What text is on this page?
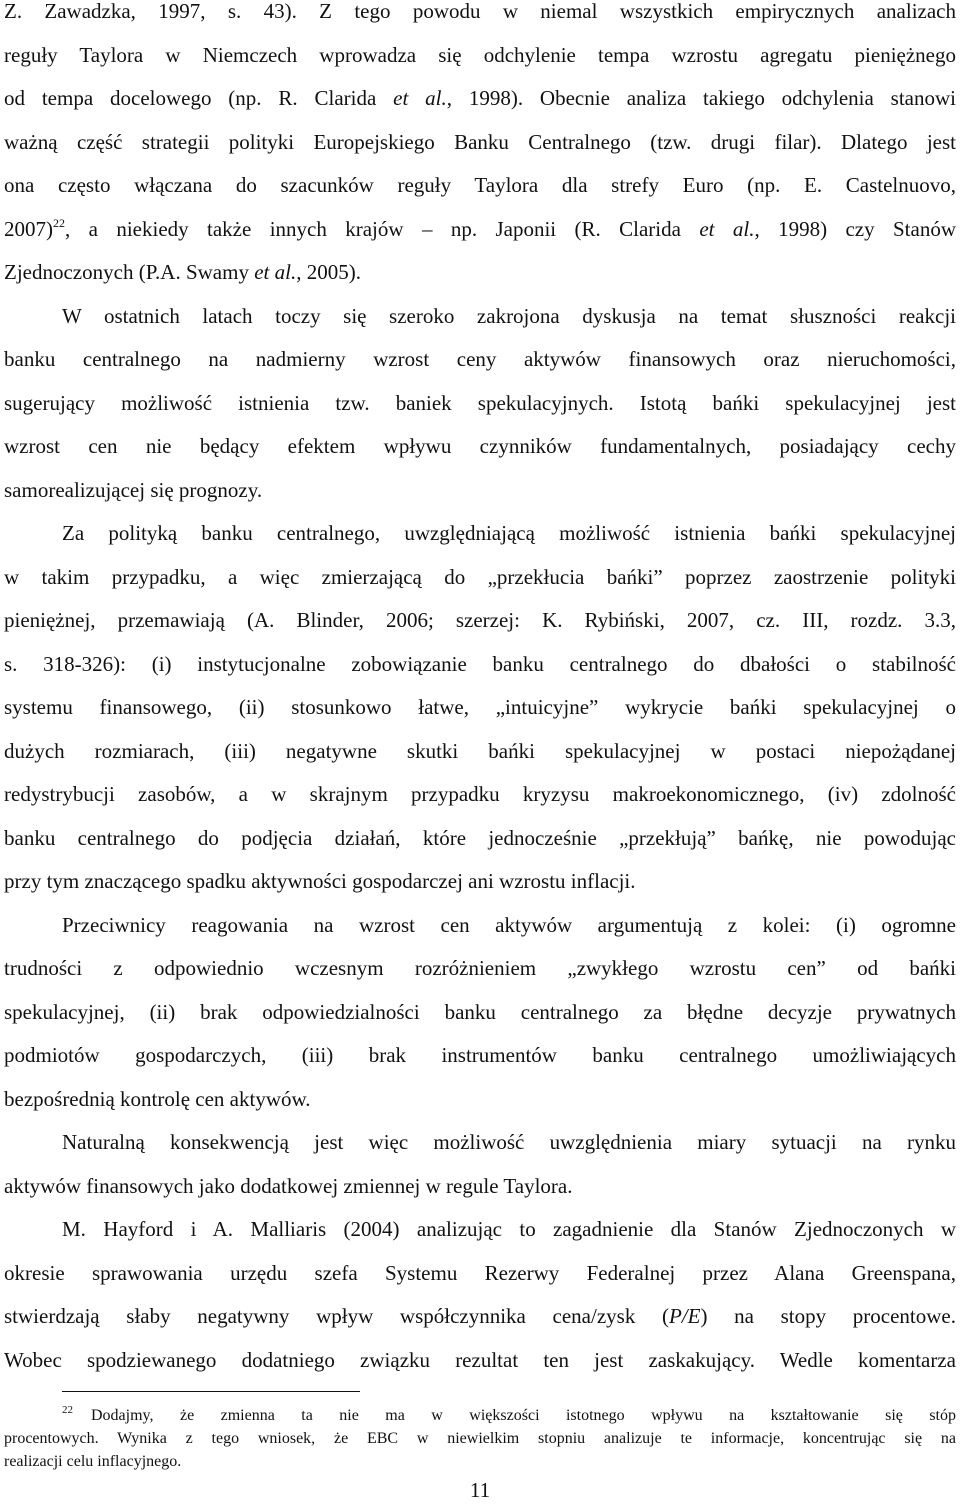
Z. Zawadzka, 1997, s. 43). Z tego powodu w niemal wszystkich empirycznych analizach
reguły Taylora w Niemczech wprowadza się odchylenie tempa wzrostu agregatu pieniężnego
od tempa docelowego (np. R. Clarida et al., 1998). Obecnie analiza takiego odchylenia stanowi
ważną część strategii polityki Europejskiego Banku Centralnego (tzw. drugi filar). Dlatego jest
ona często włączana do szacunków reguły Taylora dla strefy Euro (np. E. Castelnuovo,
2007)$^{22}$, a niekiedy także innych krajów – np. Japonii (R. Clarida et al., 1998) czy Stanów
Zjednoczonych (P.A. Swamy et al., 2005).
W ostatnich latach toczy się szeroko zakrojona dyskusja na temat słuszności reakcji
banku centralnego na nadmierny wzrost ceny aktywów finansowych oraz nieruchomości,
sugerujący możliwość istnienia tzw. baniek spekulacyjnych. Istotą bańki spekulacyjnej jest
wzrost cen nie będący efektem wpływu czynników fundamentalnych, posiadający cechy
samorealizującej się prognozy.
Za polityką banku centralnego, uwzględniającą możliwość istnienia bańki spekulacyjnej
w takim przypadku, a więc zmierzającą do „przekłucia bańki” poprzez zaostrzenie polityki
pieniężnej, przemawiają (A. Blinder, 2006; szerzej: K. Rybiński, 2007, cz. III, rozdz. 3.3,
s. 318-326): (i) instytucjonalne zobowiązanie banku centralnego do dbałości o stabilność
systemu finansowego, (ii) stosunkowo łatwe, „intuicyjne” wykrycie bańki spekulacyjnej o
dużych rozmiarach, (iii) negatywne skutki bańki spekulacyjnej w postaci niepożądanej
redystrybucji zasobów, a w skrajnym przypadku kryzysu makroekonomicznego, (iv) zdolność
banku centralnego do podjęcia działań, które jednocześnie „przekłują” bańkę, nie powodując
przy tym znaczącego spadku aktywności gospodarczej ani wzrostu inflacji.
Przeciwnicy reagowania na wzrost cen aktywów argumentują z kolei: (i) ogromne
trudności z odpowiednio wczesnym rozróżnieniem „zwykłego wzrostu cen” od bańki
spekulacyjnej, (ii) brak odpowiedzialności banku centralnego za błędne decyzje prywatnych
podmiotów gospodarczych, (iii) brak instrumentów banku centralnego umożliwiających
bezpośrednią kontrolę cen aktywów.
Naturalną konsekwencją jest więc możliwość uwzględnienia miary sytuacji na rynku
aktywów finansowych jako dodatkowej zmiennej w regule Taylora.
M. Hayford i A. Malliaris (2004) analizując to zagadnienie dla Stanów Zjednoczonych w
okresie sprawowania urzędu szefa Systemu Rezerwy Federalnej przez Alana Greenspana,
stwierdzają słaby negatywny wpływ współczynnika cena/zysk (P/E) na stopy procentowe.
Wobec spodziewanego dodatniego związku rezultat ten jest zaskakujący. Wedle komentarza
$^{22}$ Dodajmy, że zmienna ta nie ma w większości istotnego wpływu na kształtowanie się stóp
procentowych. Wynika z tego wniosek, że EBC w niewielkim stopniu analizuje te informacje, koncentrując się na
realizacji celu inflacyjnego.
11
